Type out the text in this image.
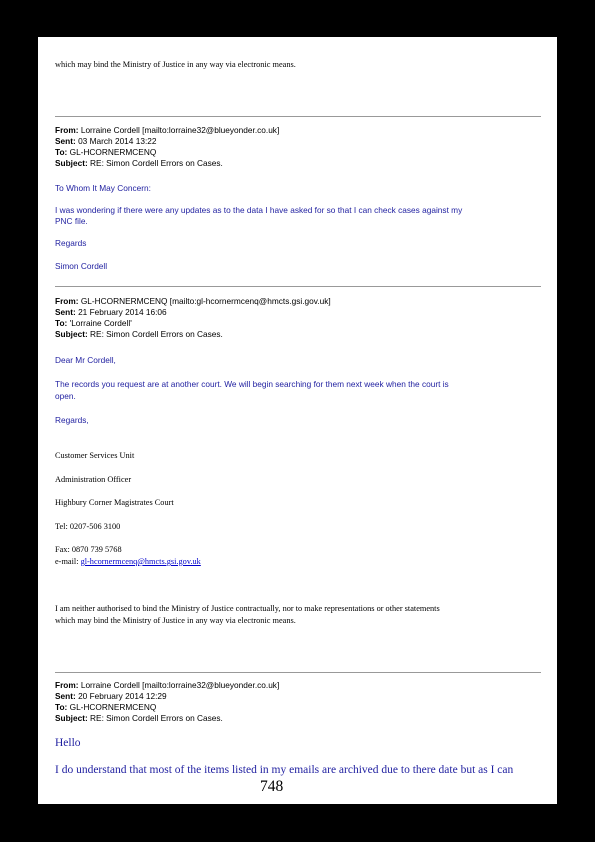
which may bind the Ministry of Justice in any way via electronic means.
From: Lorraine Cordell [mailto:lorraine32@blueyonder.co.uk]
Sent: 03 March 2014 13:22
To: GL-HCORNERMCENQ
Subject: RE: Simon Cordell Errors on Cases.
To Whom It May Concern:
I was wondering if there were any updates as to the data I have asked for so that I can check cases against my
PNC file.
Regards
Simon Cordell
From: GL-HCORNERMCENQ [mailto:gl-hcornermcenq@hmcts.gsi.gov.uk]
Sent: 21 February 2014 16:06
To: 'Lorraine Cordell'
Subject: RE: Simon Cordell Errors on Cases.
Dear Mr Cordell,
The records you request are at another court. We will begin searching for them next week when the court is
open.
Regards,
Customer Services Unit
Administration Officer
Highbury Corner Magistrates Court
Tel: 0207-506 3100
Fax: 0870 739 5768
e-mail: gl-hcornermcenq@hmcts.gsi.gov.uk
I am neither authorised to bind the Ministry of Justice contractually, nor to make representations or other statements
which may bind the Ministry of Justice in any way via electronic means.
From: Lorraine Cordell [mailto:lorraine32@blueyonder.co.uk]
Sent: 20 February 2014 12:29
To: GL-HCORNERMCENQ
Subject: RE: Simon Cordell Errors on Cases.
Hello
I do understand that most of the items listed in my emails are archived due to there date but as I can
748
